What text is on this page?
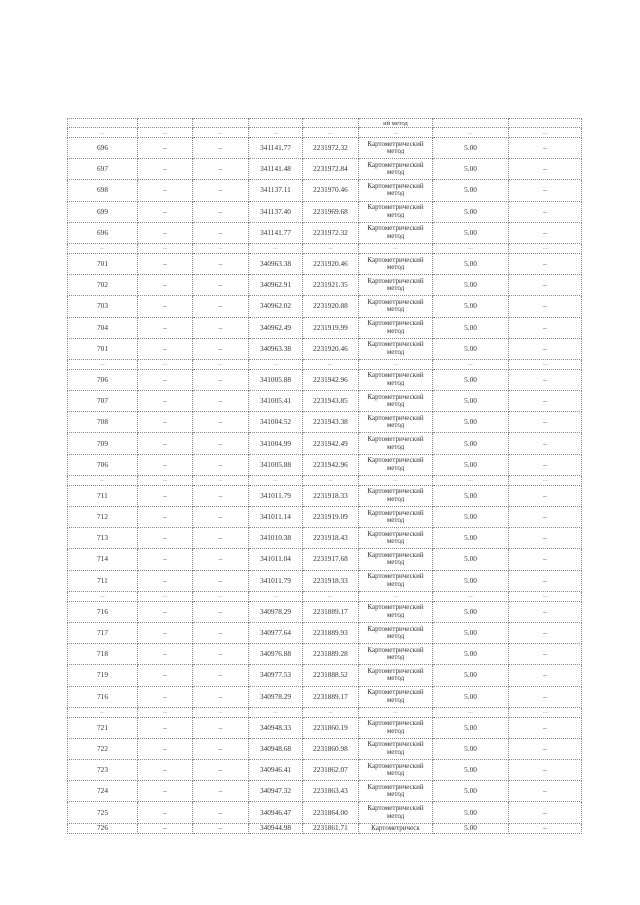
					ий метод		
...	...	...	...	...	...	...	...
696	–	–	341141.77	2231972.32	Картометрический метод	5.00	–
697	–	–	341141.48	2231972.84	Картометрический метод	5.00	–
698	–	–	341137.11	2231970.46	Картометрический метод	5.00	–
699	–	–	341137.40	2231969.68	Картометрический метод	5.00	–
696	–	–	341141.77	2231972.32	Картометрический метод	5.00	–
...	...	...	...	...	...	...	...
701	–	–	340963.38	2231920.46	Картометрический метод	5.00	–
702	–	–	340962.91	2231921.35	Картометрический метод	5.00	–
703	–	–	340962.02	2231920.88	Картометрический метод	5.00	–
704	–	–	340962.49	2231919.99	Картометрический метод	5.00	–
701	–	–	340963.38	2231920.46	Картометрический метод	5.00	–
...	...	...	...	...	...	...	...
706	–	–	341005.88	2231942.96	Картометрический метод	5.00	–
707	–	–	341005.41	2231943.85	Картометрический метод	5.00	–
708	–	–	341004.52	2231943.38	Картометрический метод	5.00	–
709	–	–	341004.99	2231942.49	Картометрический метод	5.00	–
706	–	–	341005.88	2231942.96	Картометрический метод	5.00	–
...	...	...	...	...	...	...	...
711	–	–	341011.79	2231918.33	Картометрический метод	5.00	–
712	–	–	341011.14	2231919.09	Картометрический метод	5.00	–
713	–	–	341010.38	2231918.43	Картометрический метод	5.00	–
714	–	–	341011.04	2231917.68	Картометрический метод	5.00	–
711	–	–	341011.79	2231918.33	Картометрический метод	5.00	–
...	...	...	...	...	...	...	...
716	–	–	340978.29	2231889.17	Картометрический метод	5.00	–
717	–	–	340977.64	2231889.93	Картометрический метод	5.00	–
718	–	–	340976.88	2231889.28	Картометрический метод	5.00	–
719	–	–	340977.53	2231888.52	Картометрический метод	5.00	–
716	–	–	340978.29	2231889.17	Картометрический метод	5.00	–
...	...	...	...	...	...	...	...
721	–	–	340948.33	2231860.19	Картометрический метод	5.00	–
722	–	–	340948.68	2231860.98	Картометрический метод	5.00	–
723	–	–	340946.41	2231862.07	Картометрический метод	5.00	–
724	–	–	340947.32	2231863.43	Картометрический метод	5.00	–
725	–	–	340946.47	2231864.00	Картометрический метод	5.00	–
726	–	–	340944.98	2231861.71	Картометрическ	5.00	–
